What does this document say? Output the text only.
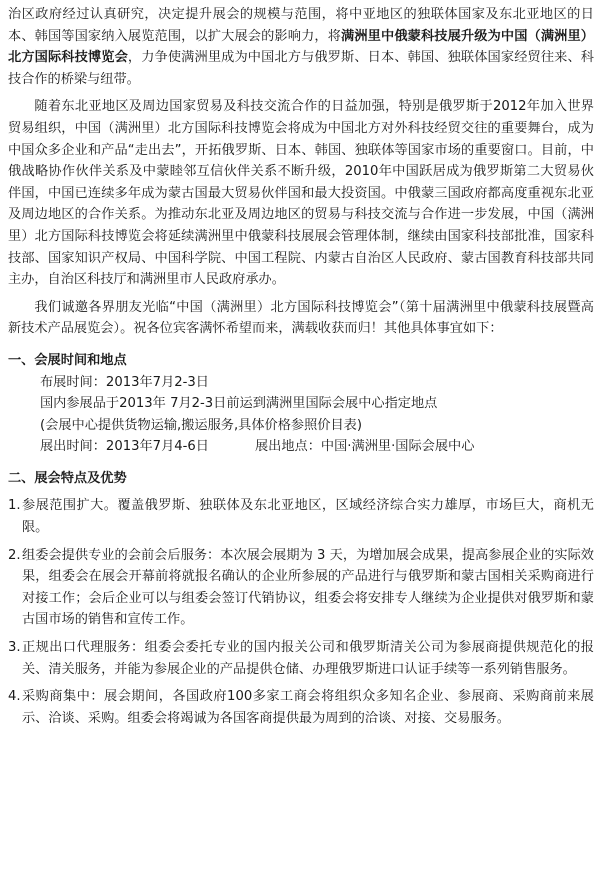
治区政府经过认真研究，决定提升展会的规模与范围，将中亚地区的独联体国家及东北亚地区的日本、韩国等国家纳入展览范围，以扩大展会的影响力，将满洲里中俄蒙科技展升级为中国（满洲里）北方国际科技博览会，力争使满洲里成为中国北方与俄罗斯、日本、韩国、独联体国家经贸往来、科技合作的桥梁与纽带。

随着东北亚地区及周边国家贸易及科技交流合作的日益加强，特别是俄罗斯于2012年加入世界贸易组织，中国（满洲里）北方国际科技博览会将成为中国北方对外科技经贸交往的重要舞台，成为中国众多企业和产品“走出去”，开拓俄罗斯、日本、韩国、独联体等国家市场的重要窗口。目前，中俄战略协作伙伴关系及中蒙睦邻互信伙伴关系不断升级，2010年中国跃居成为俄罗斯第二大贸易伙伴国，中国已连续多年成为蒙古国最大贸易伙伴国和最大投资国。中俄蒙三国政府都高度重视东北亚及周边地区的合作关系。为推动东北亚及周边地区的贸易与科技交流与合作进一步发展，中国（满洲里）北方国际科技博览会将延续满洲里中俄蒙科技展展会管理体制，继续由国家科技部批准，国家科技部、国家知识产权局、中国科学院、中国工程院、内蒙古自治区人民政府、蒙古国教育科技部共同主办，自治区科技厅和满洲里市人民政府承办。

我们诚邀各界朋友光临“中国（满洲里）北方国际科技博览会”（第十届满洲里中俄蒙科技展暨高新技术产品展览会）。祝各位宾客满怀希望而来，满载收获而归！其他具体事宜如下：

一、会展时间和地点
布展时间：2013年7月2-3日
国内参展品于2013年 7月2-3日前运到满洲里国际会展中心指定地点
(会展中心提供货物运输,搬运服务,具体价格参照价目表)
展出时间：2013年7月4-6日	展出地点：中国·满洲里·国际会展中心
二、展会特点及优势
1. 参展范围扩大。覆盖俄罗斯、独联体及东北亚地区，区域经济综合实力雄厚，市场巨大，商机无限。

2. 组委会提供专业的会前会后服务：本次展会展期为 3 天，为增加展会成果，提高参展企业的实际效果，组委会在展会开幕前将就报名确认的企业所参展的产品进行与俄罗斯和蒙古国相关采购商进行对接工作；会后企业可以与组委会签订代销协议，组委会将安排专人继续为企业提供对俄罗斯和蒙古国市场的销售和宣传工作。

3. 正规出口代理服务：组委会委托专业的国内报关公司和俄罗斯清关公司为参展商提供规范化的报关、清关服务，并能为参展企业的产品提供仓储、办理俄罗斯进口认证手续等一系列销售服务。

4. 采购商集中：展会期间，各国政府100多家工商会将组织众多知名企业、参展商、采购商前来展示、洽谈、采购。组委会将竭诚为各国客商提供最为周到的洽谈、对接、交易服务。
